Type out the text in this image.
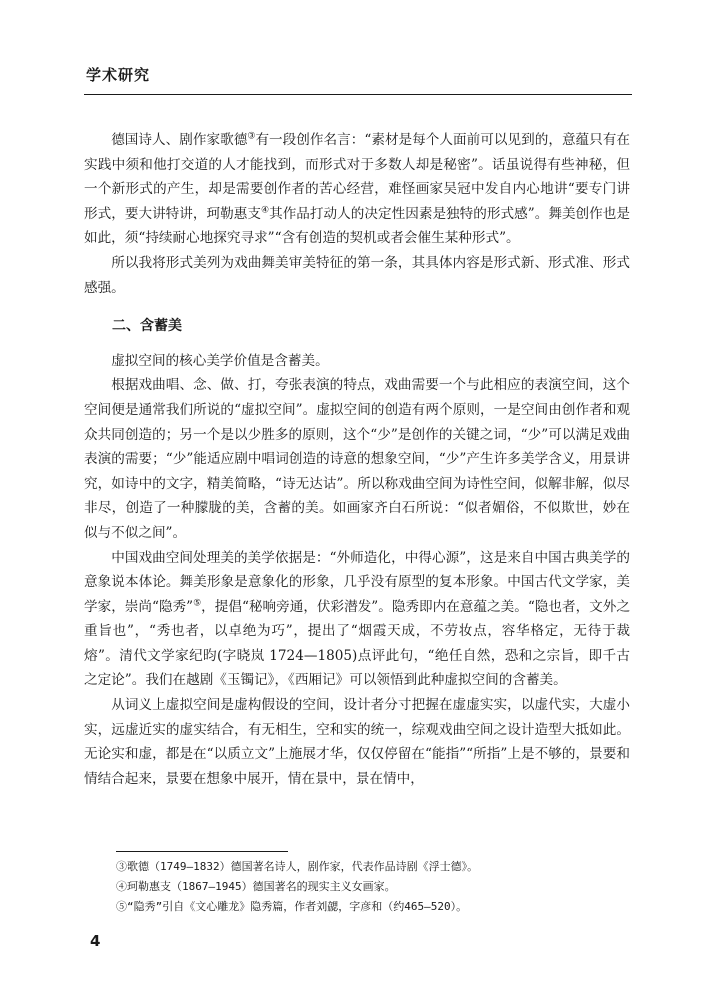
学术研究

德国诗人、剧作家歌德③有一段创作名言：“素材是每个人面前可以见到的，意蕴只有在实践中须和他打交道的人才能找到，而形式对于多数人却是秘密”。话虽说得有些神秘，但一个新形式的产生，却是需要创作者的苦心经营，难怪画家吴冠中发自内心地讲“要专门讲形式，要大讲特讲，珂勒惠支④其作品打动人的决定性因素是独特的形式感”。舞美创作也是如此，须“持续耐心地探究寻求”“含有创造的契机或者会催生某种形式”。

所以我将形式美列为戏曲舞美审美特征的第一条，其具体内容是形式新、形式准、形式感强。

二、含蓄美

虚拟空间的核心美学价值是含蓄美。

根据戏曲唱、念、做、打，夸张表演的特点，戏曲需要一个与此相应的表演空间，这个空间便是通常我们所说的“虚拟空间”。虚拟空间的创造有两个原则，一是空间由创作者和观众共同创造的；另一个是以少胜多的原则，这个“少”是创作的关键之词，“少”可以满足戏曲表演的需要；“少”能适应剧中唱词创造的诗意的想象空间，“少”产生许多美学含义，用景讲究，如诗中的文字，精美简略，“诗无达诂”。所以称戏曲空间为诗性空间，似解非解，似尽非尽，创造了一种朦胧的美，含蓄的美。如画家齐白石所说：“似者媚俗，不似欺世，妙在似与不似之间”。

中国戏曲空间处理美的美学依据是：“外师造化，中得心源”，这是来自中国古典美学的意象说本体论。舞美形象是意象化的形象，几乎没有原型的复本形象。中国古代文学家，美学家，崇尚“隐秀”⑤，提倡“秘响旁通，伏彩潜发”。隐秀即内在意蕴之美。“隐也者，文外之重旨也”，“秀也者，以卓绝为巧”，提出了“烟霞天成，不劳妆点，容华格定，无待于裁熔”。清代文学家纪昀(字晓岚 1724—1805)点评此句，“绝任自然，恐和之宗旨，即千古之定论”。我们在越剧《玉镯记》，《西厢记》可以领悟到此种虚拟空间的含蓄美。

从词义上虚拟空间是虚构假设的空间，设计者分寸把握在虚虚实实，以虚代实，大虚小实，远虚近实的虚实结合，有无相生，空和实的统一，综观戏曲空间之设计造型大抵如此。无论实和虚，都是在“以质立文”上施展才华，仅仅停留在“能指”“所指”上是不够的，景要和情结合起来，景要在想象中展开，情在景中，景在情中，

③歌德（1749—1832）德国著名诗人，剧作家，代表作品诗剧《浮士德》。

④珂勒惠支（1867—1945）德国著名的现实主义女画家。

⑤“隐秀”引自《文心雕龙》隐秀篇，作者刘勰，字彦和（约465—520）。

4
